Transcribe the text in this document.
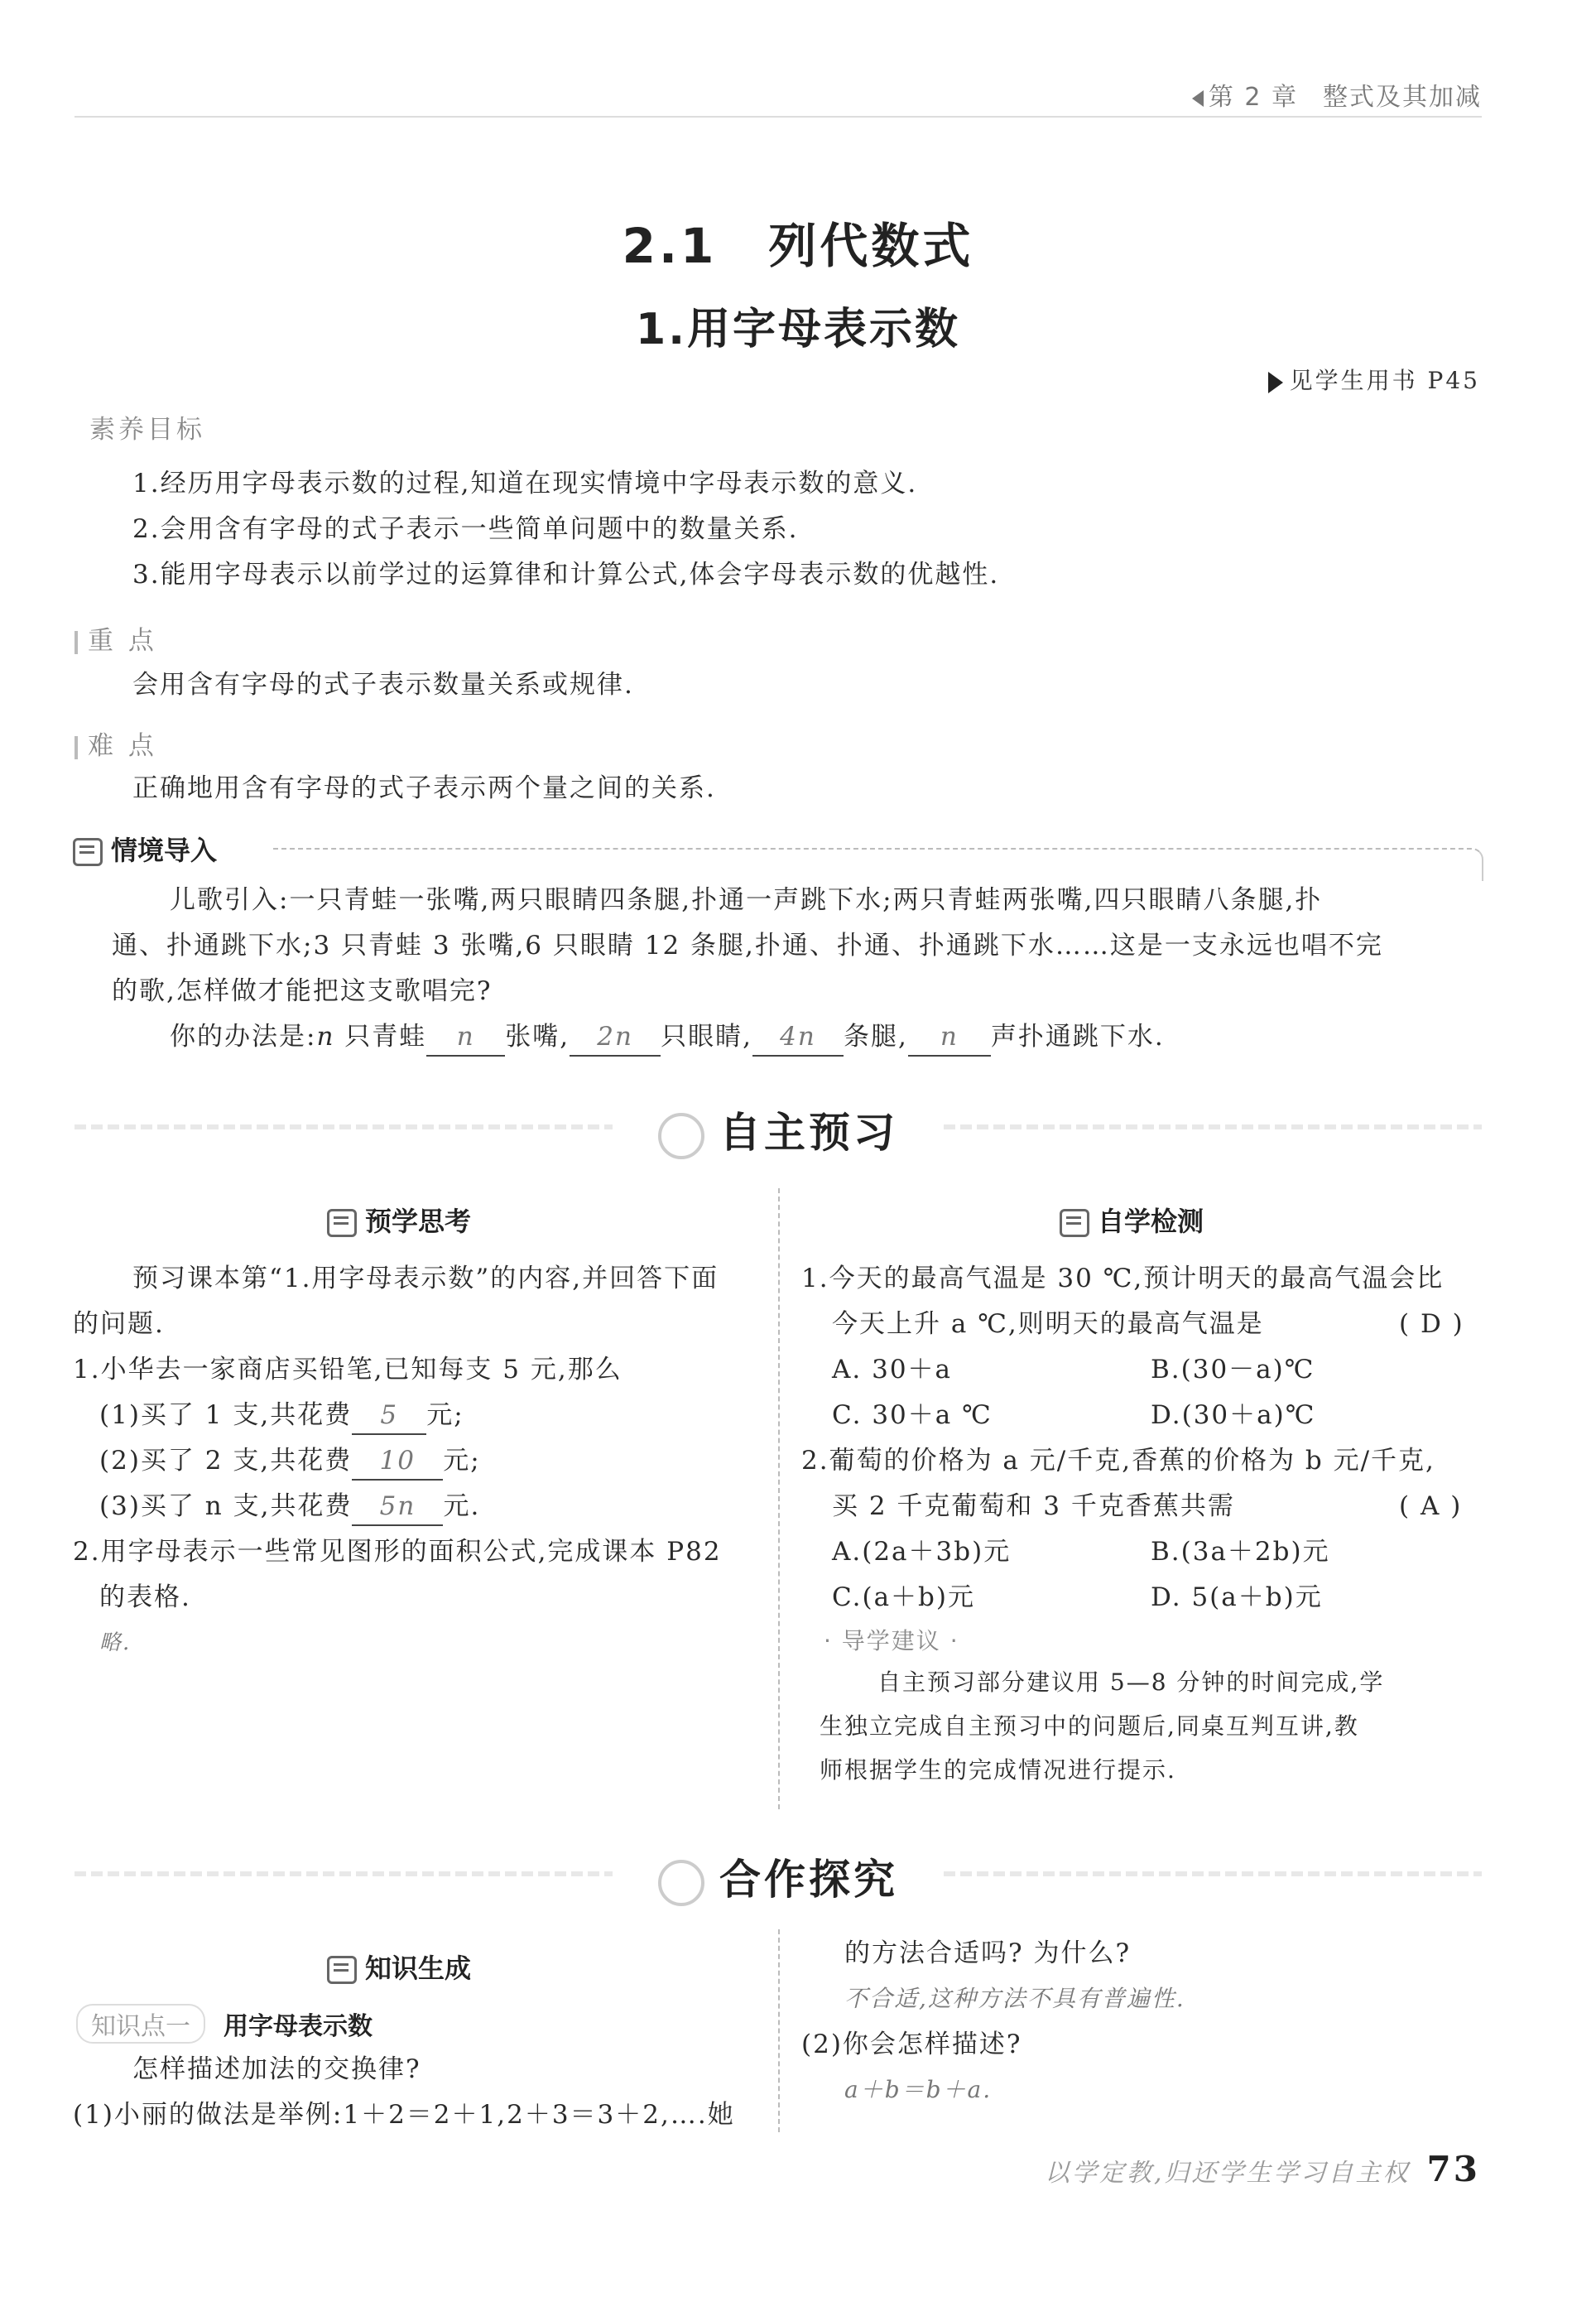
第 2 章 整式及其加减
2.1　列代数式
1.用字母表示数
见学生用书 P45
素养目标
1.经历用字母表示数的过程,知道在现实情境中字母表示数的意义.
2.会用含有字母的式子表示一些简单问题中的数量关系.
3.能用字母表示以前学过的运算律和计算公式,体会字母表示数的优越性.
重 点
会用含有字母的式子表示数量关系或规律.
难 点
正确地用含有字母的式子表示两个量之间的关系.
情境导入
儿歌引入:一只青蛙一张嘴,两只眼睛四条腿,扑通一声跳下水;两只青蛙两张嘴,四只眼睛八条腿,扑
通、扑通跳下水;3 只青蛙 3 张嘴,6 只眼睛 12 条腿,扑通、扑通、扑通跳下水……这是一支永远也唱不完
的歌,怎样做才能把这支歌唱完?
你的办法是:n 只青蛙 n 张嘴, 2n 只眼睛, 4n 条腿, n 声扑通跳下水.
自主预习
预学思考
预习课本第“1.用字母表示数”的内容,并回答下面
的问题.
1.小华去一家商店买铅笔,已知每支 5 元,那么
(1)买了 1 支,共花费 5 元;
(2)买了 2 支,共花费 10 元;
(3)买了 n 支,共花费 5n 元.
2.用字母表示一些常见图形的面积公式,完成课本 P82
的表格.
略.
自学检测
1.今天的最高气温是 30 ℃,预计明天的最高气温会比
今天上升 a ℃,则明天的最高气温是	( D )
A. 30＋a	B.(30－a)℃
C. 30＋a ℃	D.(30＋a)℃
2.葡萄的价格为 a 元/千克,香蕉的价格为 b 元/千克,
买 2 千克葡萄和 3 千克香蕉共需	( A )
A.(2a＋3b)元	B.(3a＋2b)元
C.(a＋b)元	D. 5(a＋b)元
· 导学建议 ·
自主预习部分建议用 5—8 分钟的时间完成,学
生独立完成自主预习中的问题后,同桌互判互讲,教
师根据学生的完成情况进行提示.
合作探究
知识生成
知识点一 用字母表示数
怎样描述加法的交换律?
(1)小丽的做法是举例:1＋2＝2＋1,2＋3＝3＋2,….她
的方法合适吗? 为什么?
不合适,这种方法不具有普遍性.
(2)你会怎样描述?
a＋b＝b＋a.
以学定教,归还学生学习自主权 73
